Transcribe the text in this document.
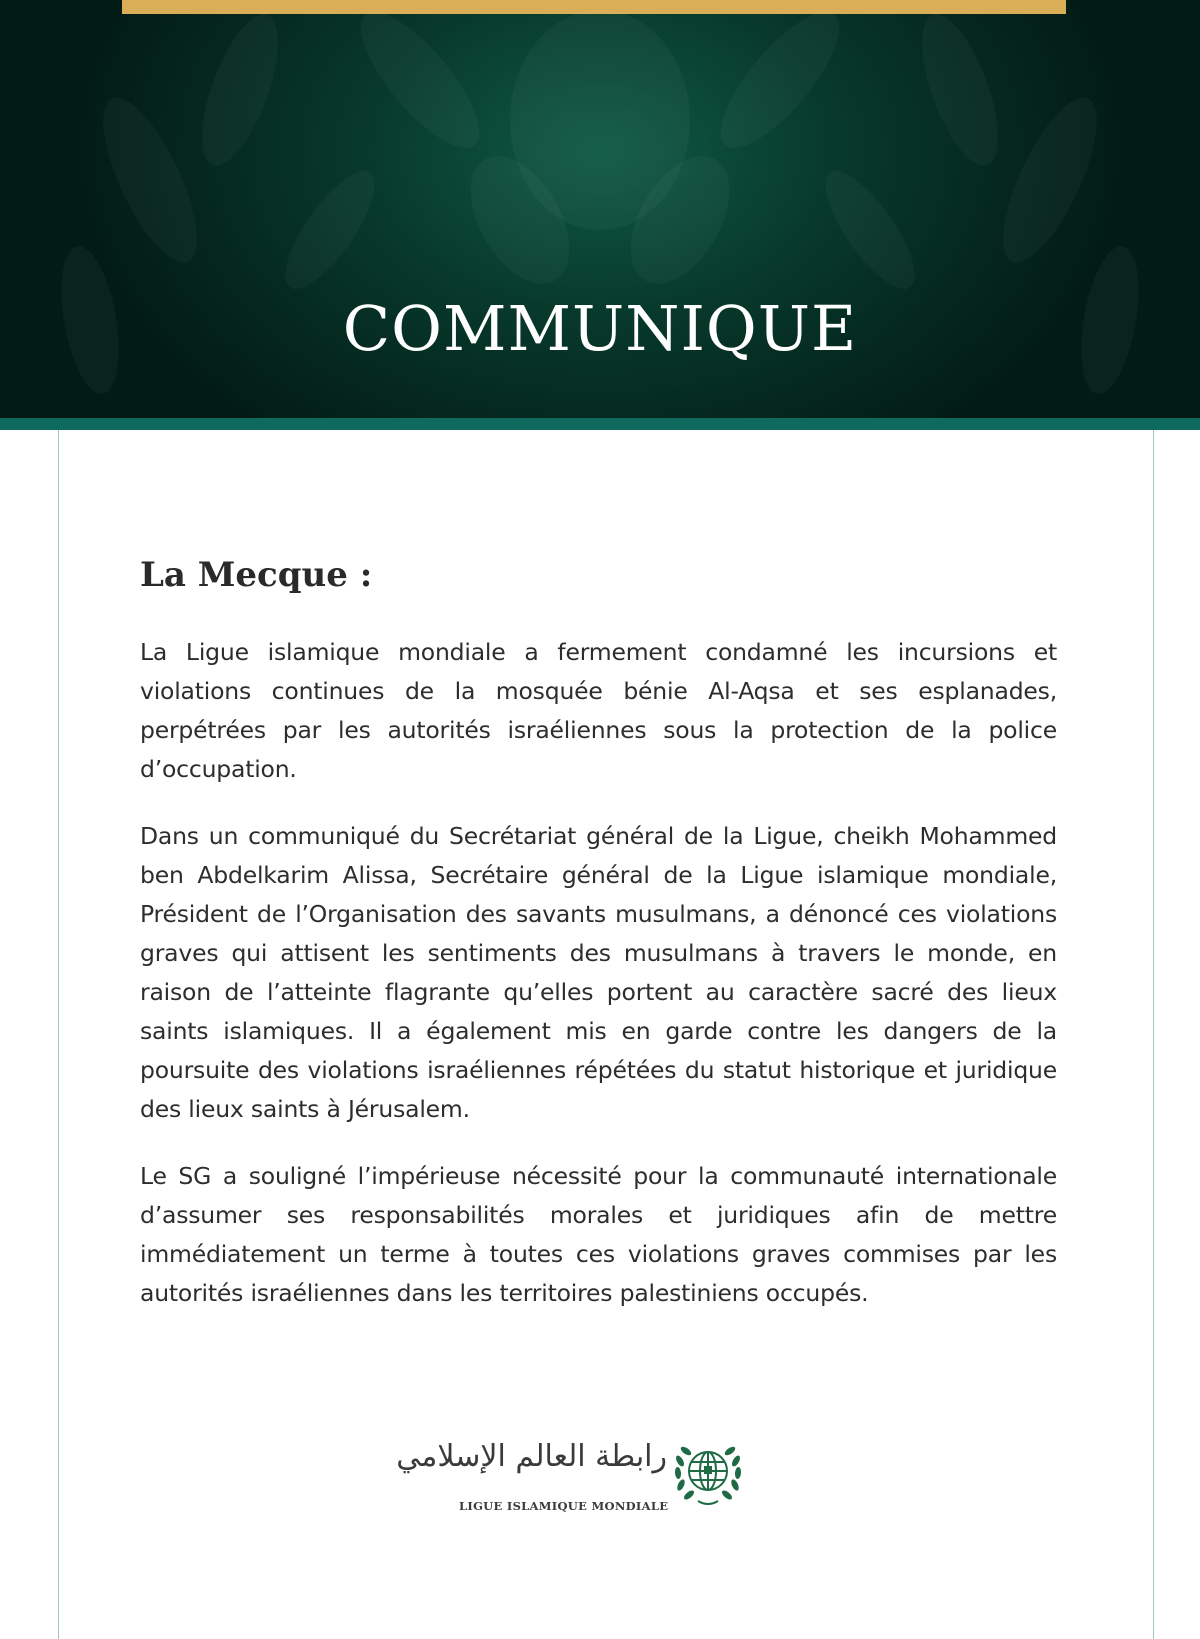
COMMUNIQUE
La Mecque :

La Ligue islamique mondiale a fermement condamné les incursions et violations continues de la mosquée bénie Al-Aqsa et ses esplanades, perpétrées par les autorités israéliennes sous la protection de la police d’occupation.

Dans un communiqué du Secrétariat général de la Ligue, cheikh Mohammed ben Abdelkarim Alissa, Secrétaire général de la Ligue islamique mondiale, Président de l’Organisation des savants musulmans, a dénoncé ces violations graves qui attisent les sentiments des musulmans à travers le monde, en raison de l’atteinte flagrante qu’elles portent au caractère sacré des lieux saints islamiques. Il a également mis en garde contre les dangers de la poursuite des violations israéliennes répétées du statut historique et juridique des lieux saints à Jérusalem.

Le SG a souligné l’impérieuse nécessité pour la communauté internationale d’assumer ses responsabilités morales et juridiques afin de mettre immédiatement un terme à toutes ces violations graves commises par les autorités israéliennes dans les territoires palestiniens occupés.

رابطة العالم الإسلامي
LIGUE ISLAMIQUE MONDIALE
